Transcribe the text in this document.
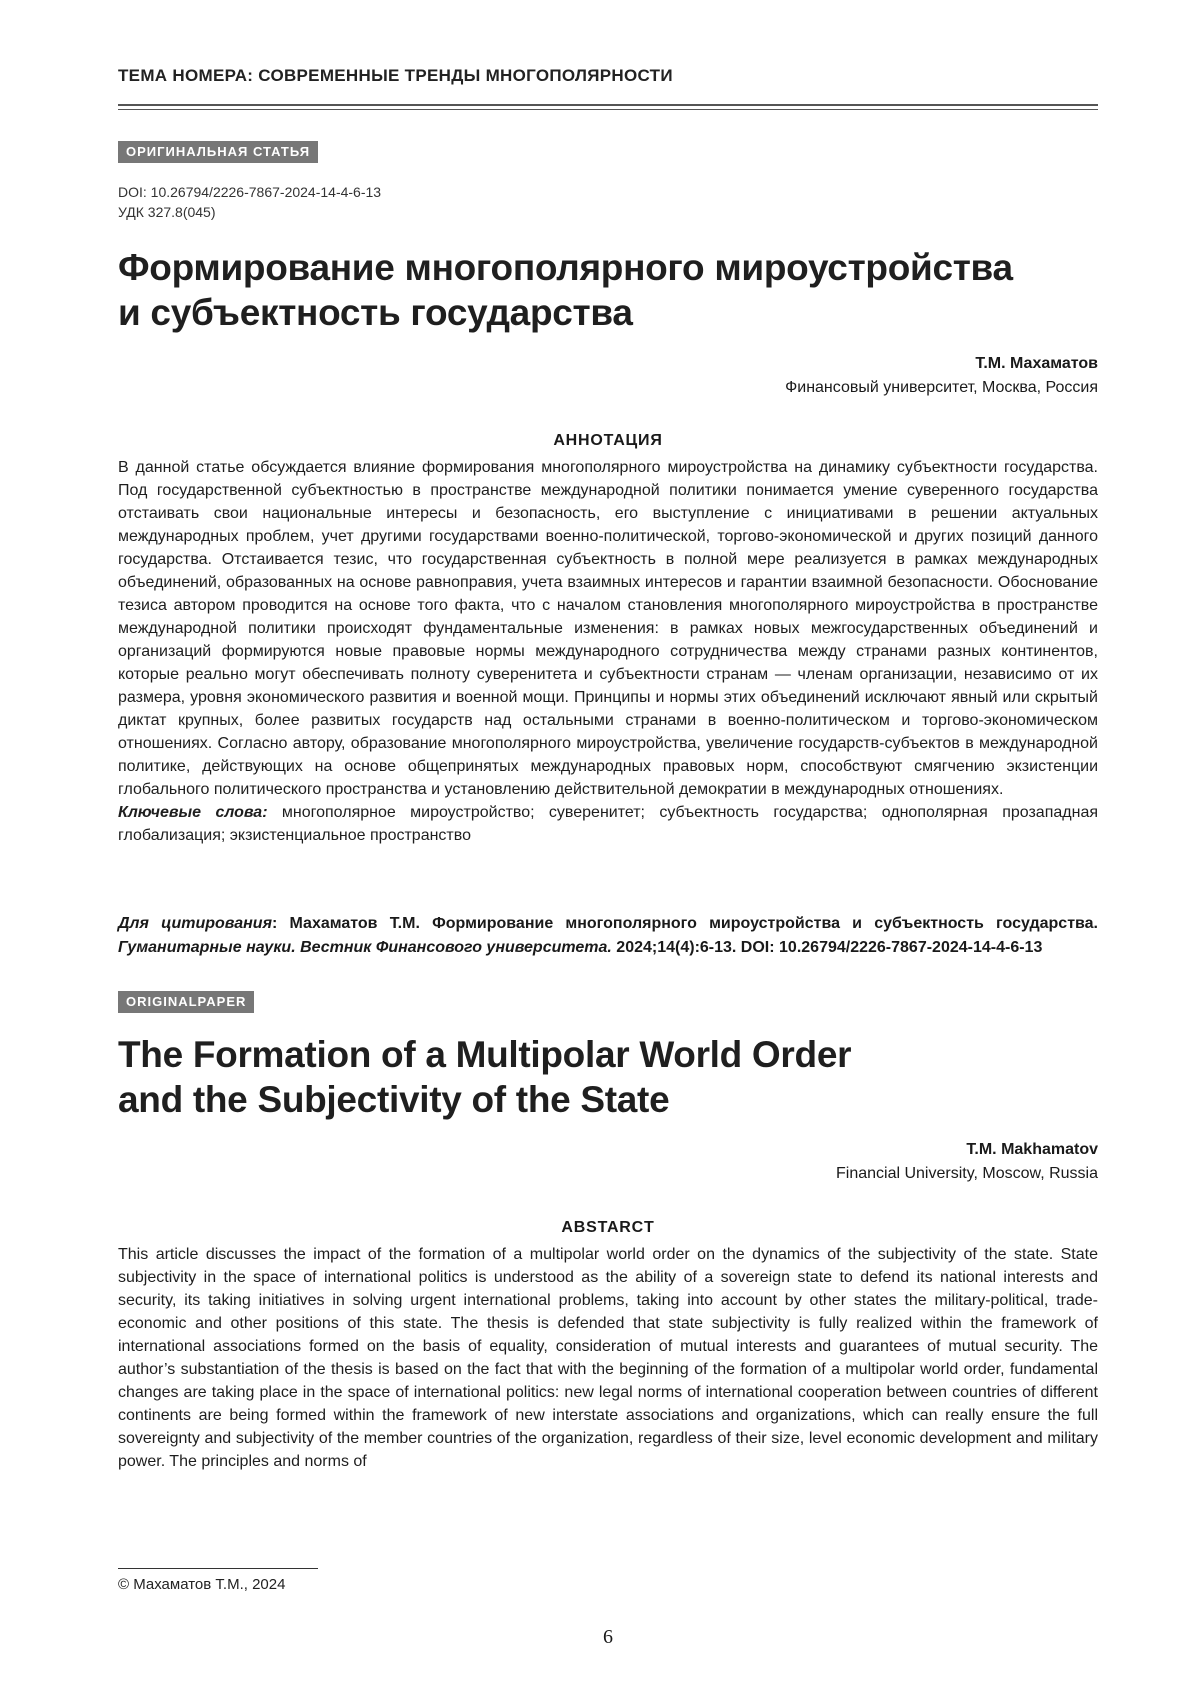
ТЕМА НОМЕРА: СОВРЕМЕННЫЕ ТРЕНДЫ МНОГОПОЛЯРНОСТИ
ОРИГИНАЛЬНАЯ СТАТЬЯ
DOI: 10.26794/2226-7867-2024-14-4-6-13
УДК 327.8(045)
Формирование многополярного мироустройства
и субъектность государства
Т.М. Махаматов
Финансовый университет, Москва, Россия
АННОТАЦИЯ
В данной статье обсуждается влияние формирования многополярного мироустройства на динамику субъектности государства. Под государственной субъектностью в пространстве международной политики понимается умение суверенного государства отстаивать свои национальные интересы и безопасность, его выступление с инициативами в решении актуальных международных проблем, учет другими государствами военно-политической, торгово-экономической и других позиций данного государства. Отстаивается тезис, что государственная субъектность в полной мере реализуется в рамках международных объединений, образованных на основе равноправия, учета взаимных интересов и гарантии взаимной безопасности. Обоснование тезиса автором проводится на основе того факта, что с началом становления многополярного мироустройства в пространстве международной политики происходят фундаментальные изменения: в рамках новых межгосударственных объединений и организаций формируются новые правовые нормы международного сотрудничества между странами разных континентов, которые реально могут обеспечивать полноту суверенитета и субъектности странам — членам организации, независимо от их размера, уровня экономического развития и военной мощи. Принципы и нормы этих объединений исключают явный или скрытый диктат крупных, более развитых государств над остальными странами в военно-политическом и торгово-экономическом отношениях. Согласно автору, образование многополярного мироустройства, увеличение государств-субъектов в международной политике, действующих на основе общепринятых международных правовых норм, способствуют смягчению экзистенции глобального политического пространства и установлению действительной демократии в международных отношениях.
Ключевые слова: многополярное мироустройство; суверенитет; субъектность государства; однополярная прозападная глобализация; экзистенциальное пространство
Для цитирования: Махаматов Т.М. Формирование многополярного мироустройства и субъектность государства. Гуманитарные науки. Вестник Финансового университета. 2024;14(4):6-13. DOI: 10.26794/2226-7867-2024-14-4-6-13
ORIGINALPAPER
The Formation of a Multipolar World Order
and the Subjectivity of the State
T.M. Makhamatov
Financial University, Moscow, Russia
ABSTARCT
This article discusses the impact of the formation of a multipolar world order on the dynamics of the subjectivity of the state. State subjectivity in the space of international politics is understood as the ability of a sovereign state to defend its national interests and security, its taking initiatives in solving urgent international problems, taking into account by other states the military-political, trade-economic and other positions of this state. The thesis is defended that state subjectivity is fully realized within the framework of international associations formed on the basis of equality, consideration of mutual interests and guarantees of mutual security. The author’s substantiation of the thesis is based on the fact that with the beginning of the formation of a multipolar world order, fundamental changes are taking place in the space of international politics: new legal norms of international cooperation between countries of different continents are being formed within the framework of new interstate associations and organizations, which can really ensure the full sovereignty and subjectivity of the member countries of the organization, regardless of their size, level economic development and military power. The principles and norms of
© Махаматов Т.М., 2024
6
